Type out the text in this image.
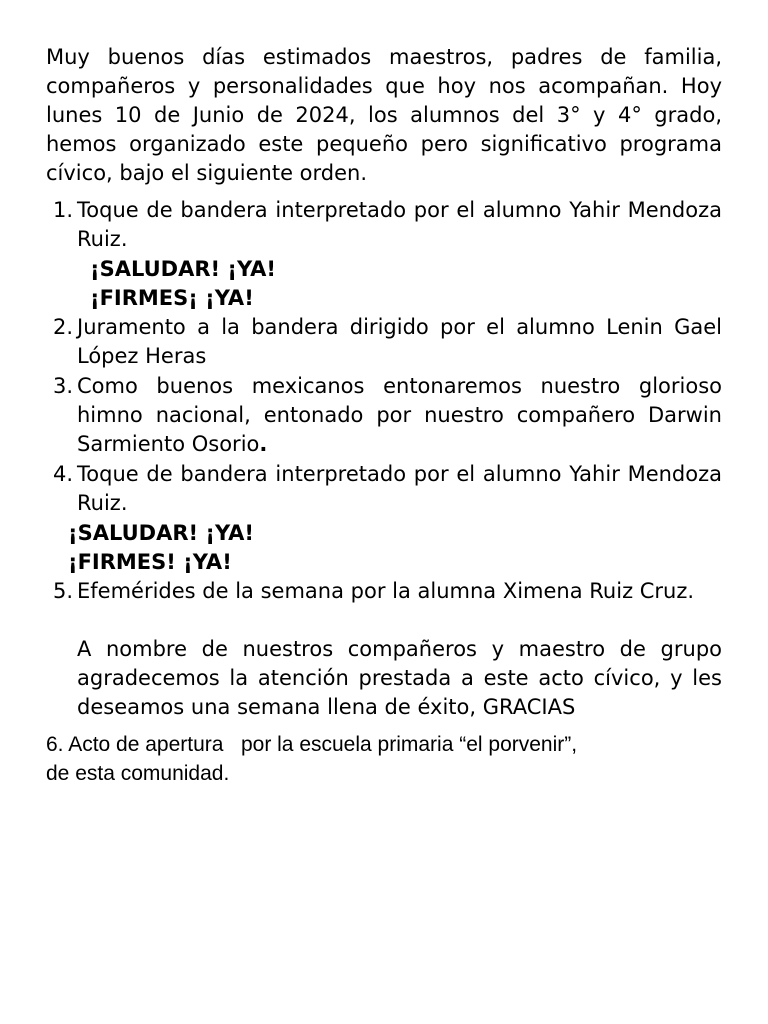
Muy buenos días estimados maestros, padres de familia, compañeros y personalidades que hoy nos acompañan. Hoy lunes 10 de Junio de 2024, los alumnos del 3° y 4° grado, hemos organizado este pequeño pero significativo programa cívico, bajo el siguiente orden.

1. Toque de bandera interpretado por el alumno Yahir Mendoza Ruiz.
¡SALUDAR! ¡YA!
¡FIRMES¡ ¡YA!
2. Juramento a la bandera dirigido por el alumno Lenin Gael López Heras
3. Como buenos mexicanos entonaremos nuestro glorioso himno nacional, entonado por nuestro compañero Darwin Sarmiento Osorio.
4. Toque de bandera interpretado por el alumno Yahir Mendoza Ruiz.
¡SALUDAR! ¡YA!
¡FIRMES! ¡YA!
5. Efemérides de la semana por la alumna Ximena Ruiz Cruz.
A nombre de nuestros compañeros y maestro de grupo agradecemos la atención prestada a este acto cívico, y les deseamos una semana llena de éxito, GRACIAS
6. Acto de apertura   por la escuela primaria “el porvenir”,
de esta comunidad.
